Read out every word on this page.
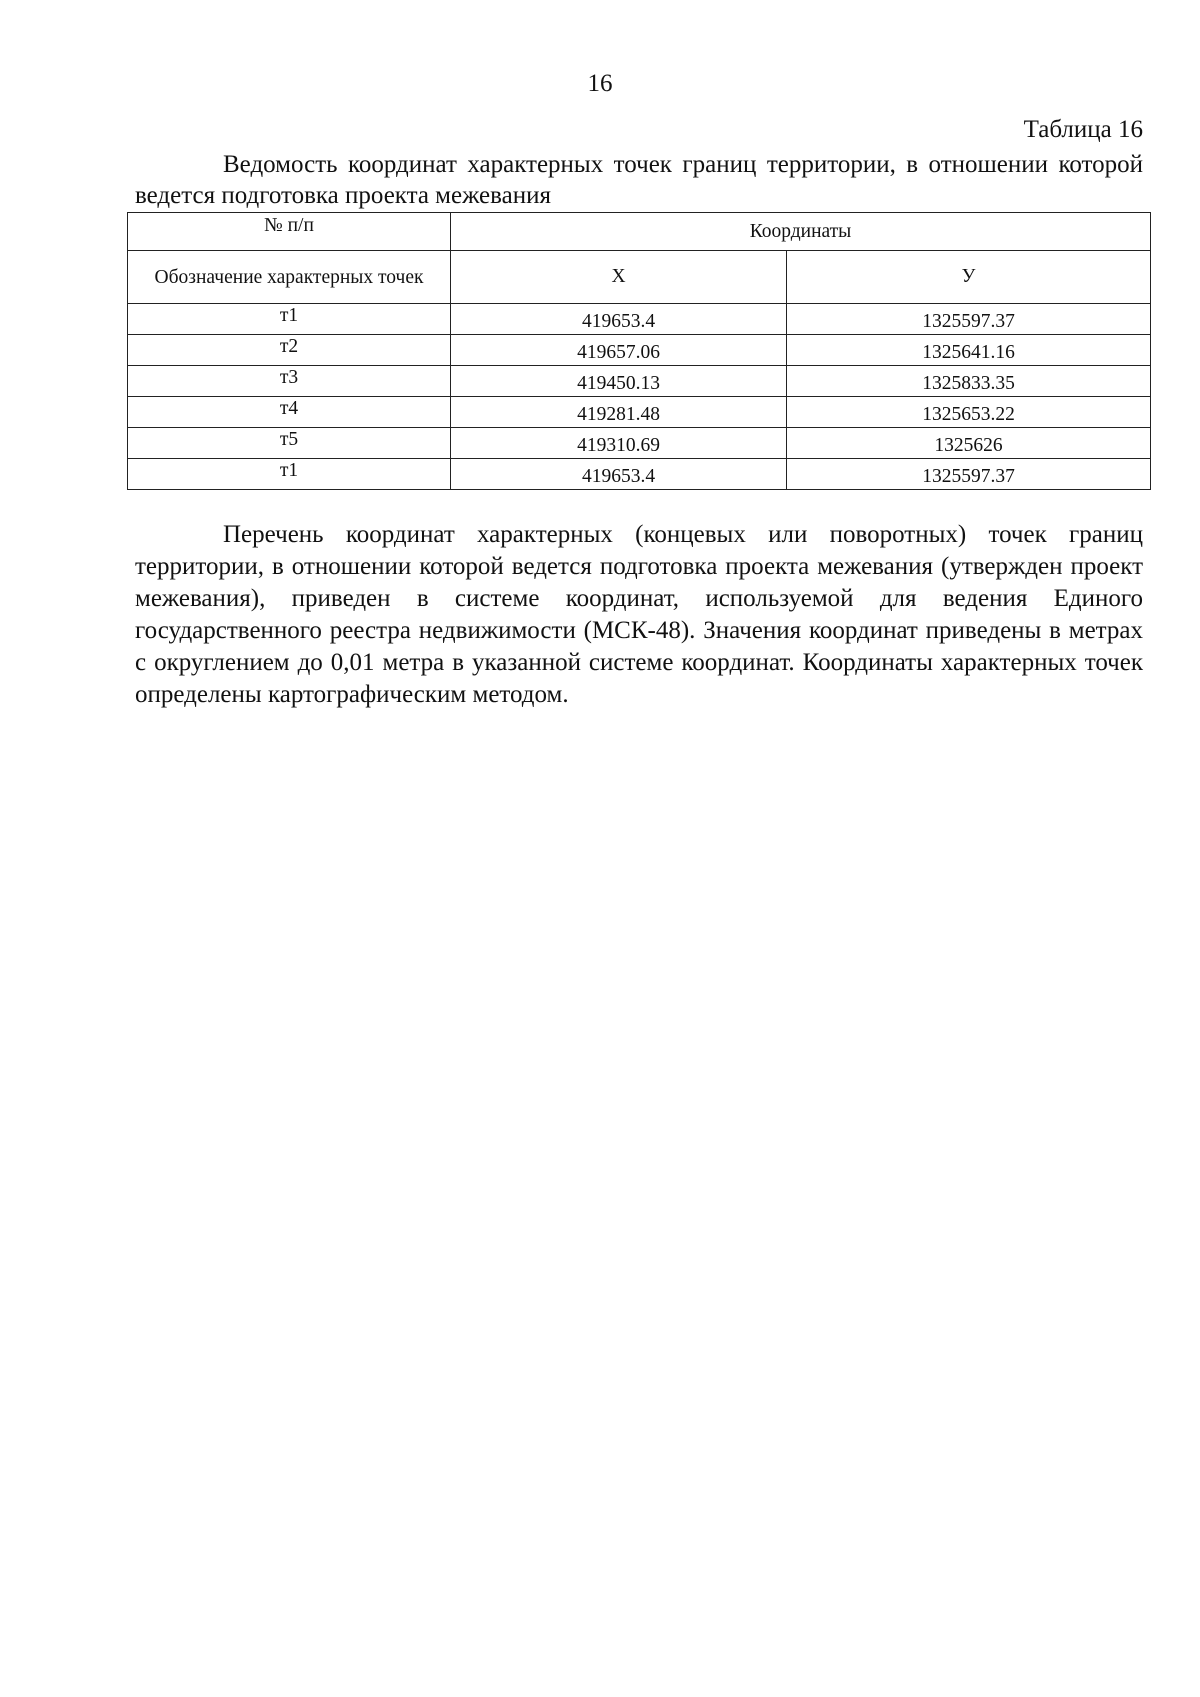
16
Таблица 16

Ведомость координат характерных точек границ территории, в отношении которой ведется подготовка проекта межевания

№ п/п	Координаты	
Обозначение характерных точек	Х	У
т1	419653.4	1325597.37
т2	419657.06	1325641.16
т3	419450.13	1325833.35
т4	419281.48	1325653.22
т5	419310.69	1325626
т1	419653.4	1325597.37

Перечень координат характерных (концевых или поворотных) точек границ территории, в отношении которой ведется подготовка проекта межевания (утвержден проект межевания), приведен в системе координат, используемой для ведения Единого государственного реестра недвижимости (МСК-48). Значения координат приведены в метрах с округлением до 0,01 метра в указанной системе координат. Координаты характерных точек определены картографическим методом.
